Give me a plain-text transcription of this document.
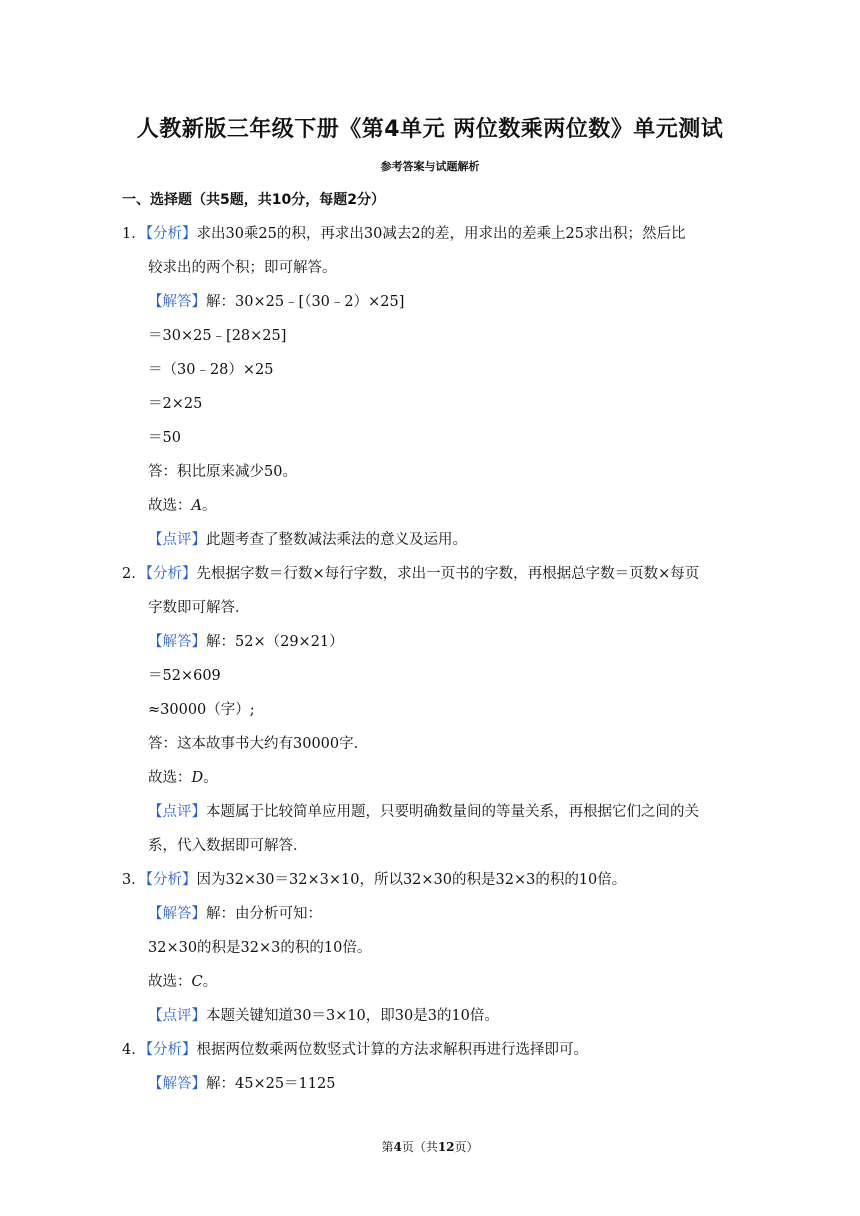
人教新版三年级下册《第4单元 两位数乘两位数》单元测试
参考答案与试题解析
一、选择题（共5题，共10分，每题2分）
1．【分析】求出30乘25的积，再求出30减去2的差，用求出的差乘上25求出积；然后比
较求出的两个积；即可解答。
【解答】解：30×25﹣[（30﹣2）×25]
＝30×25﹣[28×25]
＝（30﹣28）×25
＝2×25
＝50
答：积比原来减少50。
故选：A。
【点评】此题考查了整数减法乘法的意义及运用。
2．【分析】先根据字数＝行数×每行字数，求出一页书的字数，再根据总字数＝页数×每页
字数即可解答．
【解答】解：52×（29×21）
＝52×609
≈30000（字）;
答：这本故事书大约有30000字．
故选：D。
【点评】本题属于比较简单应用题，只要明确数量间的等量关系，再根据它们之间的关
系，代入数据即可解答．
3．【分析】因为32×30＝32×3×10，所以32×30的积是32×3的积的10倍。
【解答】解：由分析可知：
32×30的积是32×3的积的10倍。
故选：C。
【点评】本题关键知道30＝3×10，即30是3的10倍。
4．【分析】根据两位数乘两位数竖式计算的方法求解积再进行选择即可。
【解答】解：45×25＝1125
第4页（共12页）
